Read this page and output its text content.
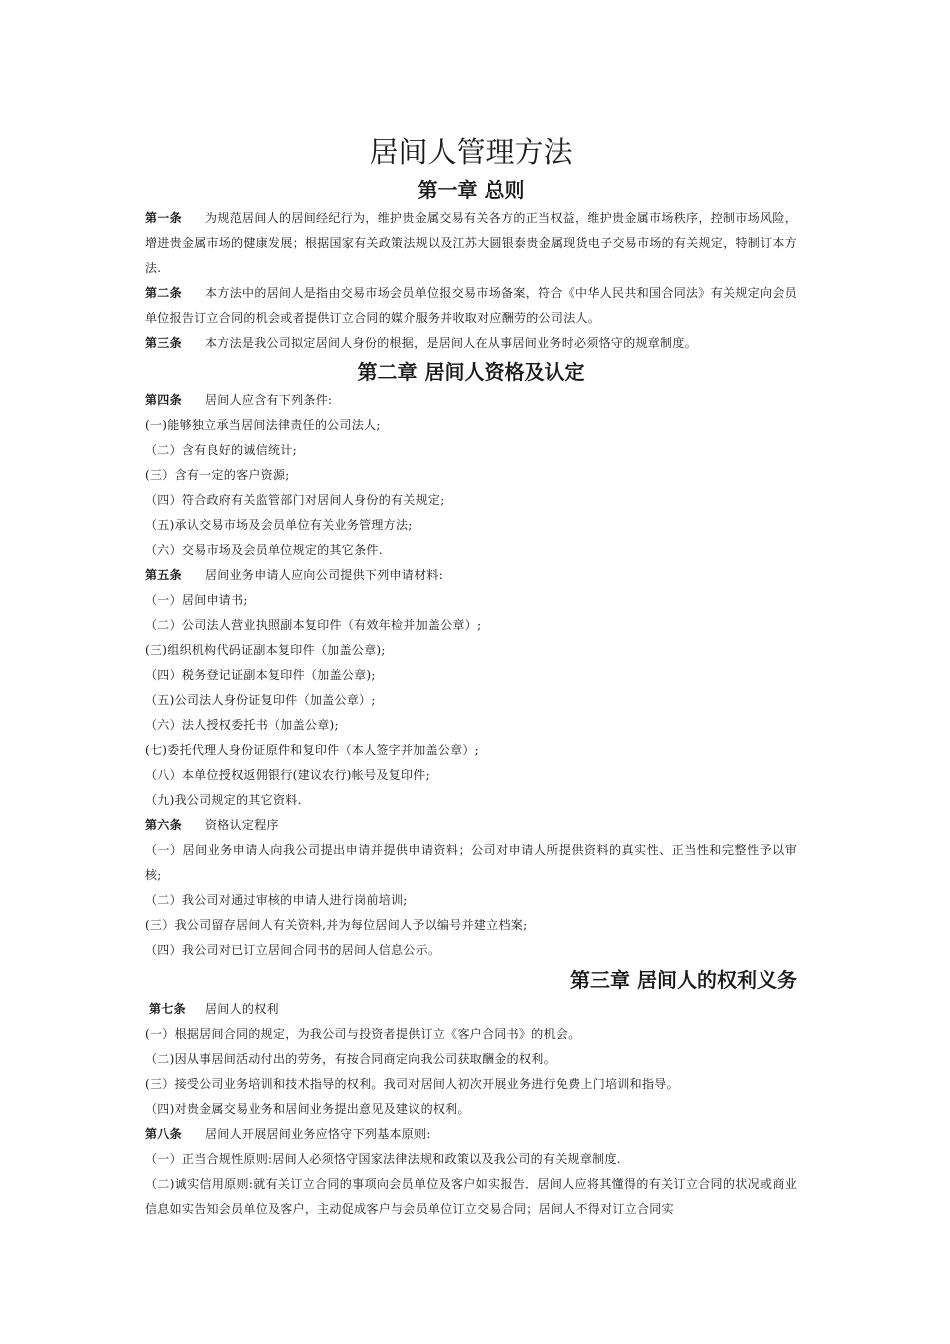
居间人管理方法
第一章 总则

第一条 为规范居间人的居间经纪行为，维护贵金属交易有关各方的正当权益，维护贵金属市场秩序，控制市场风险，增进贵金属市场的健康发展；根据国家有关政策法规以及江苏大圆银泰贵金属现货电子交易市场的有关规定，特制订本方法.

第二条 本方法中的居间人是指由交易市场会员单位报交易市场备案，符合《中华人民共和国合同法》有关规定向会员单位报告订立合同的机会或者提供订立合同的媒介服务并收取对应酬劳的公司法人。

第三条 本方法是我公司拟定居间人身份的根据，是居间人在从事居间业务时必须恪守的规章制度。

第二章 居间人资格及认定

第四条 居间人应含有下列条件:

(一)能够独立承当居间法律责任的公司法人;

（二）含有良好的诚信统计;

(三）含有一定的客户资源;

（四）符合政府有关监管部门对居间人身份的有关规定;

（五)承认交易市场及会员单位有关业务管理方法;

（六）交易市场及会员单位规定的其它条件.

第五条 居间业务申请人应向公司提供下列申请材料:

（一）居间申请书;

（二）公司法人营业执照副本复印件（有效年检并加盖公章）;

(三)组织机构代码证副本复印件（加盖公章);

（四）税务登记证副本复印件（加盖公章);

（五)公司法人身份证复印件（加盖公章）;

（六）法人授权委托书（加盖公章);

(七)委托代理人身份证原件和复印件（本人签字并加盖公章）;

（八）本单位授权返佣银行(建议农行)帐号及复印件;

（九)我公司规定的其它资料.

第六条 资格认定程序

（一）居间业务申请人向我公司提出申请并提供申请资料；公司对申请人所提供资料的真实性、正当性和完整性予以审核;

（二）我公司对通过审核的申请人进行岗前培训;

(三）我公司留存居间人有关资料,并为每位居间人予以编号并建立档案;

（四）我公司对已订立居间合同书的居间人信息公示。

第三章 居间人的权利义务

第七条 居间人的权利

(一）根据居间合同的规定，为我公司与投资者提供订立《客户合同书》的机会。

（二)因从事居间活动付出的劳务，有按合同商定向我公司获取酬金的权利。

(三）接受公司业务培训和技术指导的权利。我司对居间人初次开展业务进行免费上门培训和指导。

（四)对贵金属交易业务和居间业务提出意见及建议的权利。

第八条 居间人开展居间业务应恪守下列基本原则:

（一）正当合规性原则:居间人必须恪守国家法律法规和政策以及我公司的有关规章制度.

（二)诚实信用原则:就有关订立合同的事项向会员单位及客户如实报告．居间人应将其懂得的有关订立合同的状况或商业信息如实告知会员单位及客户，主动促成客户与会员单位订立交易合同；居间人不得对订立合同实
